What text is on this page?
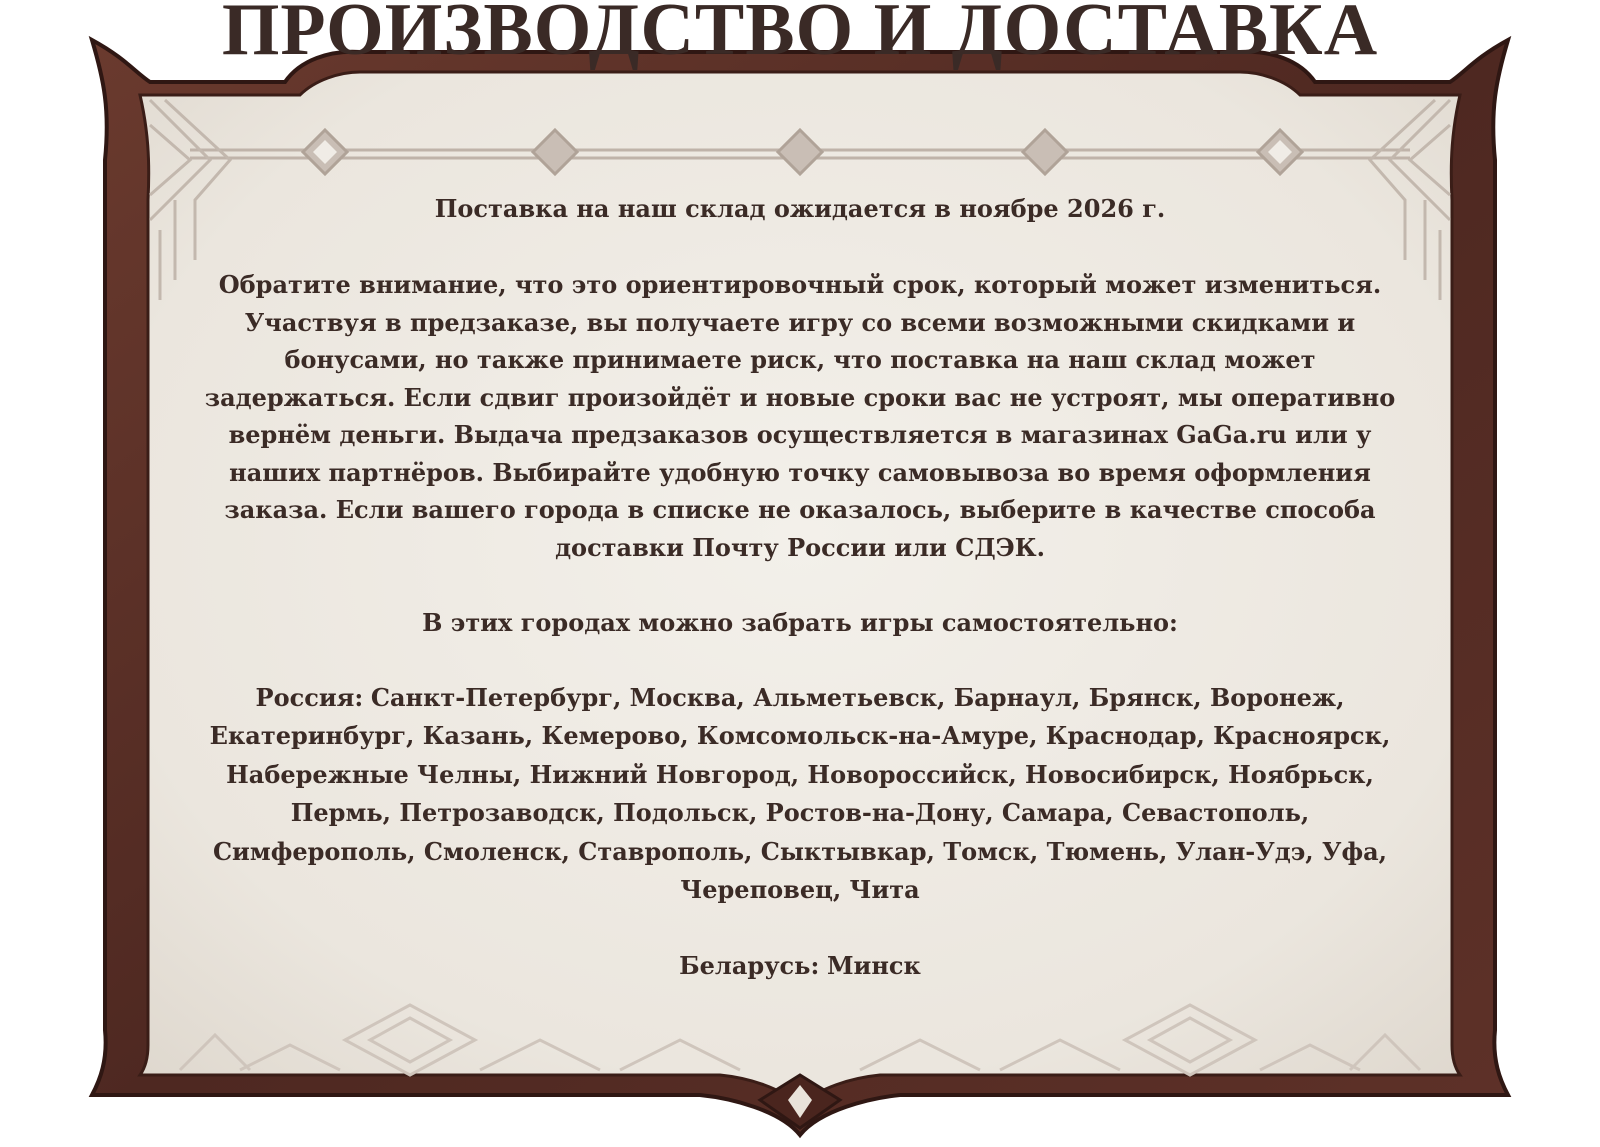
ПРОИЗВОДСТВО И ДОСТАВКА

Поставка на наш склад ожидается в ноябре 2026 г.

Обратите внимание, что это ориентировочный срок, который может измениться. Участвуя в предзаказе, вы получаете игру со всеми возможными скидками и бонусами, но также принимаете риск, что поставка на наш склад может задержаться. Если сдвиг произойдёт и новые сроки вас не устроят, мы оперативно вернём деньги. Выдача предзаказов осуществляется в магазинах GaGa.ru или у наших партнёров. Выбирайте удобную точку самовывоза во время оформления заказа. Если вашего города в списке не оказалось, выберите в качестве способа доставки Почту России или СДЭК.

В этих городах можно забрать игры самостоятельно:

Россия: Санкт-Петербург, Москва, Альметьевск, Барнаул, Брянск, Воронеж, Екатеринбург, Казань, Кемерово, Комсомольск-на-Амуре, Краснодар, Красноярск, Набережные Челны, Нижний Новгород, Новороссийск, Новосибирск, Ноябрьск, Пермь, Петрозаводск, Подольск, Ростов-на-Дону, Самара, Севастополь, Симферополь, Смоленск, Ставрополь, Сыктывкар, Томск, Тюмень, Улан-Удэ, Уфа, Череповец, Чита

Беларусь: Минск
